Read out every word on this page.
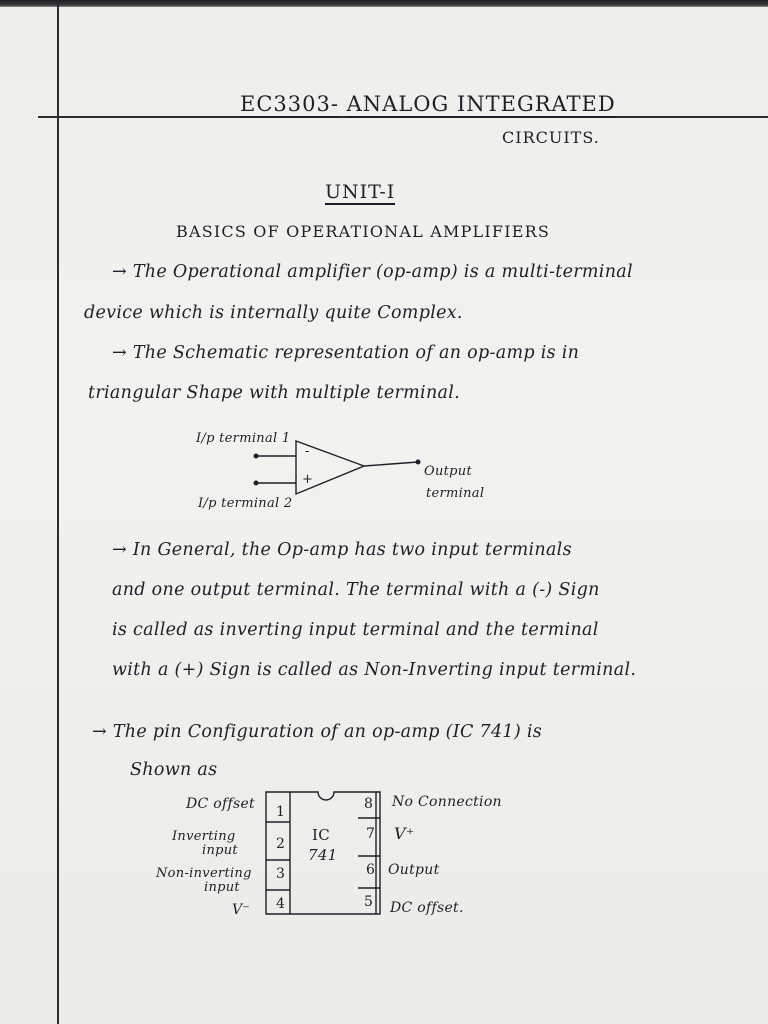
EC3303- ANALOG INTEGRATED

CIRCUITS.

UNIT-I

BASICS OF OPERATIONAL AMPLIFIERS

→ The Operational amplifier (op-amp) is a multi-terminal

device which is internally quite Complex.

→ The Schematic representation of an op-amp is in

triangular Shape with multiple terminal.

I/p terminal 1

I/p terminal 2

-

+

Output

terminal

→ In General, the Op-amp has two input terminals

and one output terminal. The terminal with a (-) Sign

is called as inverting input terminal and the terminal

with a (+) Sign is called as Non-Inverting input terminal.

→ The pin Configuration of an op-amp (IC 741) is

Shown as

DC offset

Inverting

input

Non-inverting

input

V⁻

1

2

3

4

8

7

6

5

No Connection

V⁺

Output

DC offset.

IC

741
